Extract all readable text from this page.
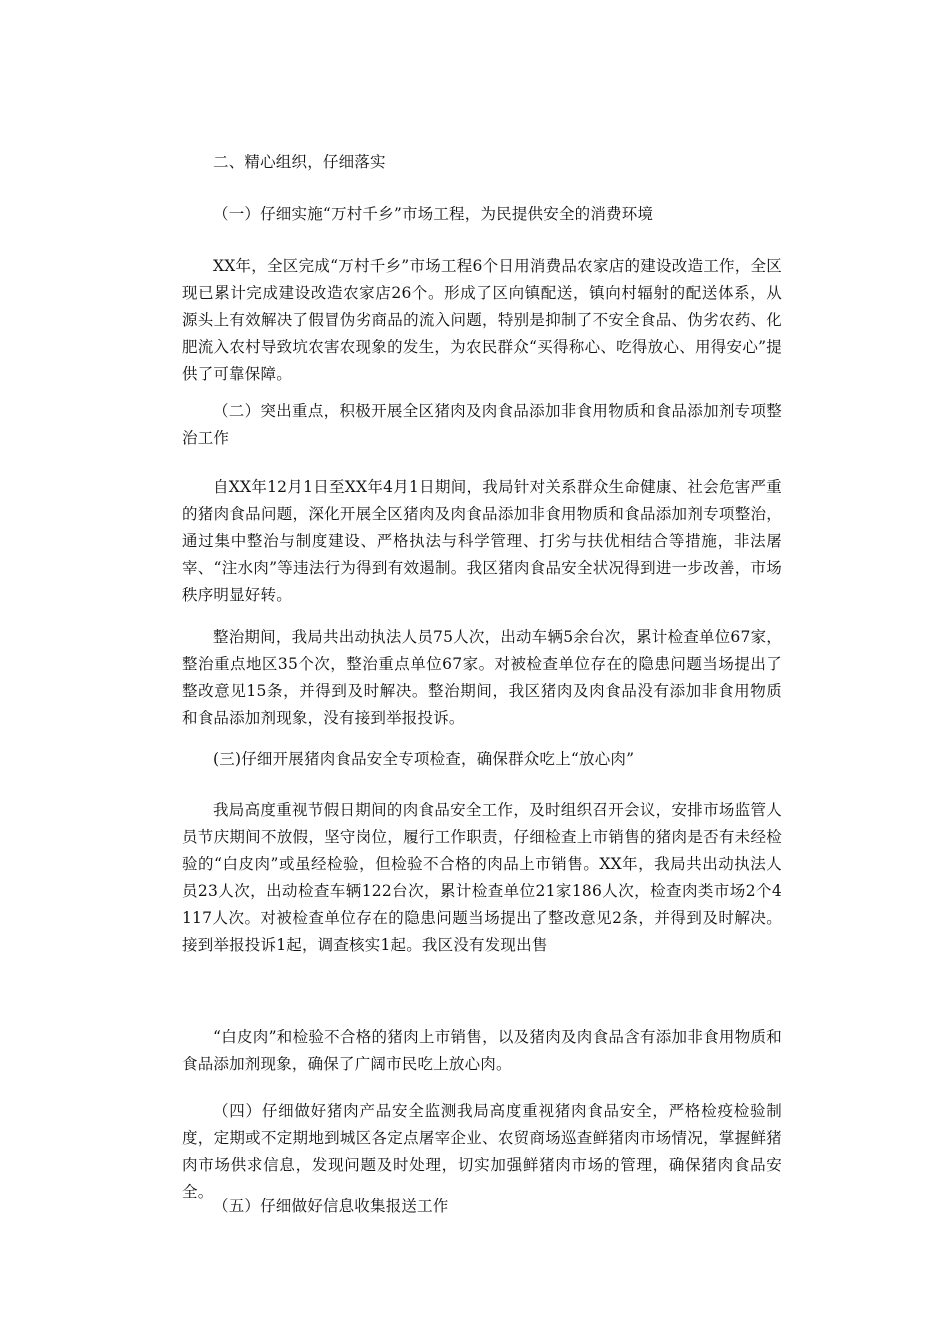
二、精心组织，仔细落实

（一）仔细实施“万村千乡”市场工程，为民提供安全的消费环境

XX年，全区完成“万村千乡”市场工程6个日用消费品农家店的建设改造工作，全区现已累计完成建设改造农家店26个。形成了区向镇配送，镇向村辐射的配送体系，从源头上有效解决了假冒伪劣商品的流入问题，特别是抑制了不安全食品、伪劣农药、化肥流入农村导致坑农害农现象的发生，为农民群众“买得称心、吃得放心、用得安心”提供了可靠保障。

（二）突出重点，积极开展全区猪肉及肉食品添加非食用物质和食品添加剂专项整治工作

自XX年12月1日至XX年4月1日期间，我局针对关系群众生命健康、社会危害严重的猪肉食品问题，深化开展全区猪肉及肉食品添加非食用物质和食品添加剂专项整治，通过集中整治与制度建设、严格执法与科学管理、打劣与扶优相结合等措施，非法屠宰、“注水肉”等违法行为得到有效遏制。我区猪肉食品安全状况得到进一步改善，市场秩序明显好转。

整治期间，我局共出动执法人员75人次，出动车辆5余台次，累计检查单位67家，整治重点地区35个次，整治重点单位67家。对被检查单位存在的隐患问题当场提出了整改意见15条，并得到及时解决。整治期间，我区猪肉及肉食品没有添加非食用物质和食品添加剂现象，没有接到举报投诉。

(三)仔细开展猪肉食品安全专项检查，确保群众吃上“放心肉”

我局高度重视节假日期间的肉食品安全工作，及时组织召开会议，安排市场监管人员节庆期间不放假，坚守岗位，履行工作职责，仔细检查上市销售的猪肉是否有未经检验的“白皮肉”或虽经检验，但检验不合格的肉品上市销售。XX年，我局共出动执法人员23人次，出动检查车辆122台次，累计检查单位21家186人次，检查肉类市场2个4117人次。对被检查单位存在的隐患问题当场提出了整改意见2条，并得到及时解决。接到举报投诉1起，调查核实1起。我区没有发现出售

“白皮肉”和检验不合格的猪肉上市销售，以及猪肉及肉食品含有添加非食用物质和食品添加剂现象，确保了广阔市民吃上放心肉。

（四）仔细做好猪肉产品安全监测我局高度重视猪肉食品安全，严格检疫检验制度，定期或不定期地到城区各定点屠宰企业、农贸商场巡查鲜猪肉市场情况，掌握鲜猪肉市场供求信息，发现问题及时处理，切实加强鲜猪肉市场的管理，确保猪肉食品安全。

（五）仔细做好信息收集报送工作
